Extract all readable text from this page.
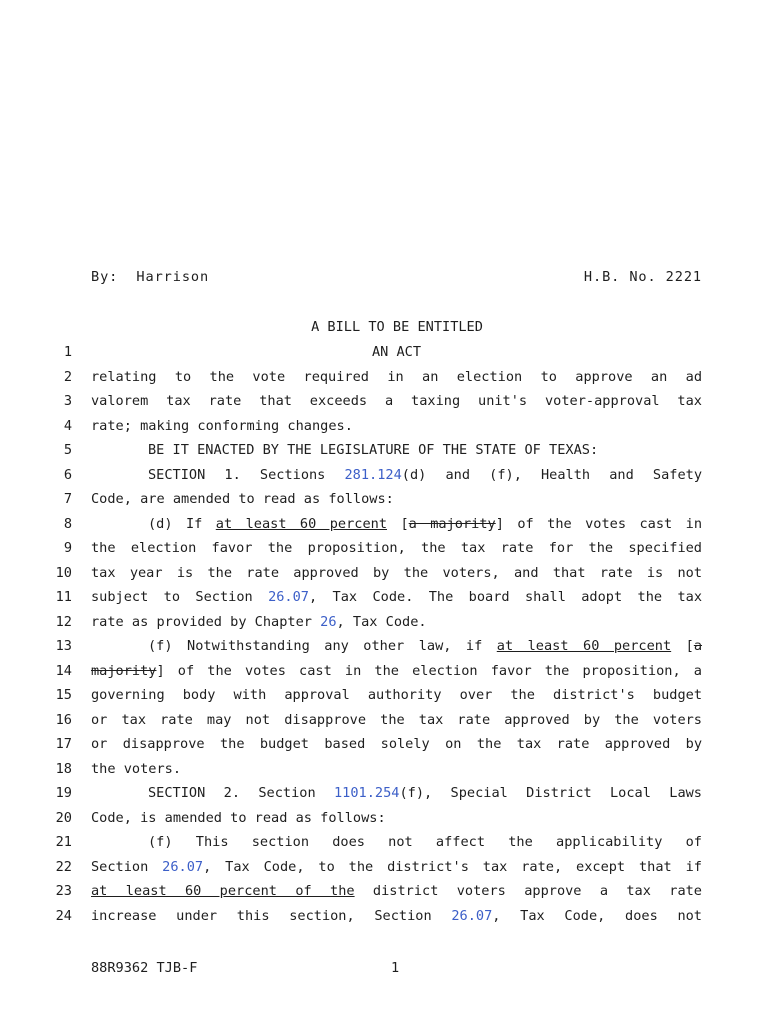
By:  Harrison	H.B. No. 2221
A BILL TO BE ENTITLED
1	AN ACT
2 relating to the vote required in an election to approve an ad
3 valorem tax rate that exceeds a taxing unit's voter-approval tax
4 rate; making conforming changes.
5	BE IT ENACTED BY THE LEGISLATURE OF THE STATE OF TEXAS:
6	SECTION 1. Sections 281.124(d) and (f), Health and Safety
7 Code, are amended to read as follows:
8	(d) If at least 60 percent [a majority] of the votes cast in
9 the election favor the proposition, the tax rate for the specified
10 tax year is the rate approved by the voters, and that rate is not
11 subject to Section 26.07, Tax Code. The board shall adopt the tax
12 rate as provided by Chapter 26, Tax Code.
13	(f) Notwithstanding any other law, if at least 60 percent [a
14 majority] of the votes cast in the election favor the proposition, a
15 governing body with approval authority over the district's budget
16 or tax rate may not disapprove the tax rate approved by the voters
17 or disapprove the budget based solely on the tax rate approved by
18 the voters.
19	SECTION 2. Section 1101.254(f), Special District Local Laws
20 Code, is amended to read as follows:
21	(f) This section does not affect the applicability of
22 Section 26.07, Tax Code, to the district's tax rate, except that if
23 at least 60 percent of the district voters approve a tax rate
24 increase under this section, Section 26.07, Tax Code, does not
88R9362 TJB-F	1
